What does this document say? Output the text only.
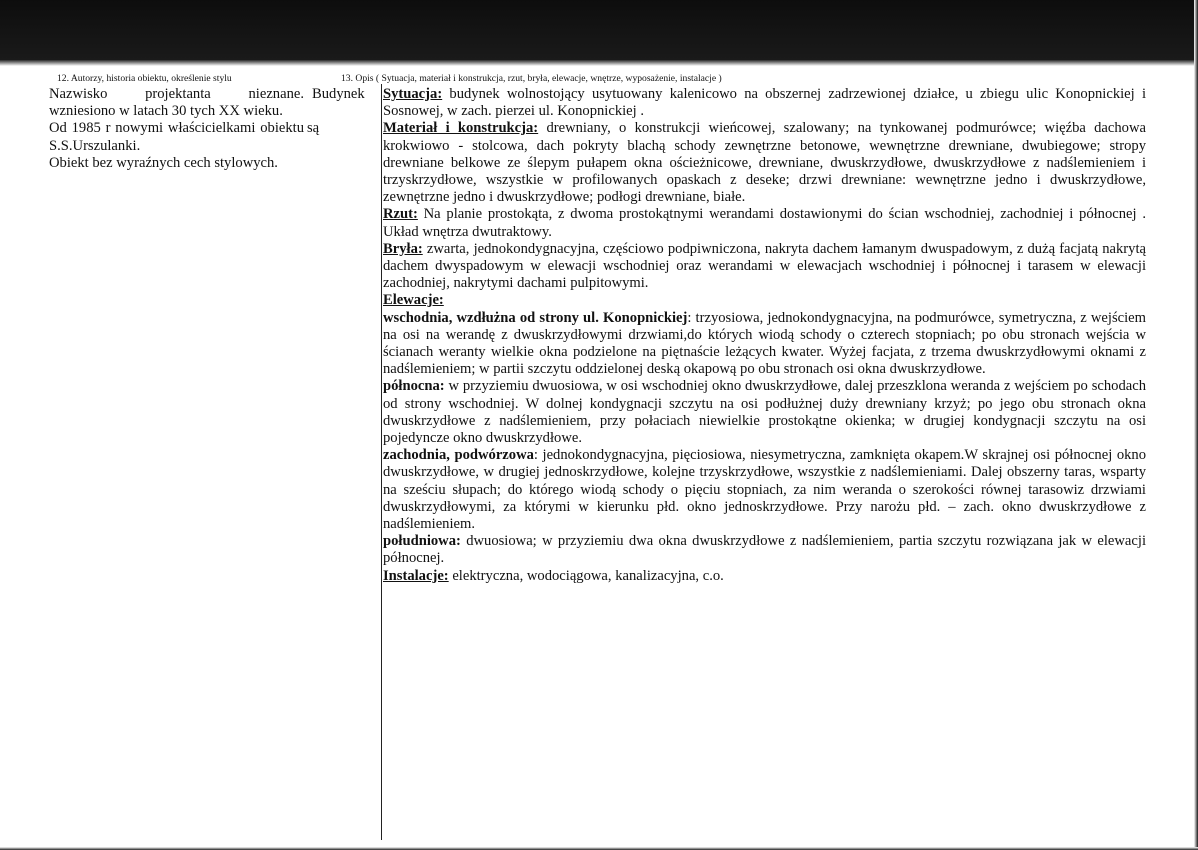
12. Autorzy, historia obiektu, określenie stylu	13. Opis ( Sytuacja, materiał i konstrukcja, rzut, bryła, elewacje, wnętrze, wyposażenie, instalacje )

Nazwisko projektanta nieznane.

wzniesiono w latach 30 tych XX wieku.

Od 1985 r nowymi właścicielkami obiektu

S.S.Urszulanki.

Obiekt bez wyraźnych cech stylowych.

Budynek
są

Sytuacja: budynek wolnostojący usytuowany kalenicowo na obszernej zadrzewionej działce, u zbiegu ulic Konopnickiej i Sosnowej, w zach. pierzei ul. Konopnickiej .

Materiał i konstrukcja: drewniany, o konstrukcji wieńcowej, szalowany; na tynkowanej podmurówce; więźba dachowa krokwiowo - stolcowa, dach pokryty blachą schody zewnętrzne betonowe, wewnętrzne drewniane, dwubiegowe; stropy drewniane belkowe ze ślepym pułapem okna ościeżnicowe, drewniane, dwuskrzydłowe, dwuskrzydłowe z nadślemieniem i trzyskrzydłowe, wszystkie w profilowanych opaskach z deseke; drzwi drewniane: wewnętrzne jedno i dwuskrzydłowe, zewnętrzne jedno i dwuskrzydłowe; podłogi drewniane, białe.

Rzut: Na planie prostokąta, z dwoma prostokątnymi werandami dostawionymi do ścian wschodniej, zachodniej i północnej . Układ wnętrza dwutraktowy.

Bryła: zwarta, jednokondygnacyjna, częściowo podpiwniczona, nakryta dachem łamanym dwuspadowym, z dużą facjatą nakrytą dachem dwyspadowym w elewacji wschodniej oraz werandami w elewacjach wschodniej i północnej i tarasem w elewacji zachodniej, nakrytymi dachami pulpitowymi.

Elewacje:

wschodnia, wzdłużna od strony ul. Konopnickiej: trzyosiowa, jednokondygnacyjna, na podmurówce, symetryczna, z wejściem na osi na werandę z dwuskrzydłowymi drzwiami,do których wiodą schody o czterech stopniach; po obu stronach wejścia w ścianach weranty wielkie okna podzielone na piętnaście leżących kwater. Wyżej facjata, z trzema dwuskrzydłowymi oknami z nadślemieniem; w partii szczytu oddzielonej deską okapową po obu stronach osi okna dwuskrzydłowe.

północna: w przyziemiu dwuosiowa, w osi wschodniej okno dwuskrzydłowe, dalej przeszklona weranda z wejściem po schodach od strony wschodniej. W dolnej kondygnacji szczytu na osi podłużnej duży drewniany krzyż; po jego obu stronach okna dwuskrzydłowe z nadślemieniem, przy połaciach niewielkie prostokątne okienka; w drugiej kondygnacji szczytu na osi pojedyncze okno dwuskrzydłowe.

zachodnia, podwórzowa: jednokondygnacyjna, pięciosiowa, niesymetryczna, zamknięta okapem.W skrajnej osi północnej okno dwuskrzydłowe, w drugiej jednoskrzydłowe, kolejne trzyskrzydłowe, wszystkie z nadślemieniami. Dalej obszerny taras, wsparty na sześciu słupach; do którego wiodą schody o pięciu stopniach, za nim weranda o szerokości równej tarasowiz drzwiami dwuskrzydłowymi, za którymi w kierunku płd. okno jednoskrzydłowe. Przy narożu płd. – zach. okno dwuskrzydłowe z nadślemieniem.

południowa: dwuosiowa; w przyziemiu dwa okna dwuskrzydłowe z nadślemieniem, partia szczytu rozwiązana jak w elewacji północnej.

Instalacje: elektryczna, wodociągowa, kanalizacyjna, c.o.
